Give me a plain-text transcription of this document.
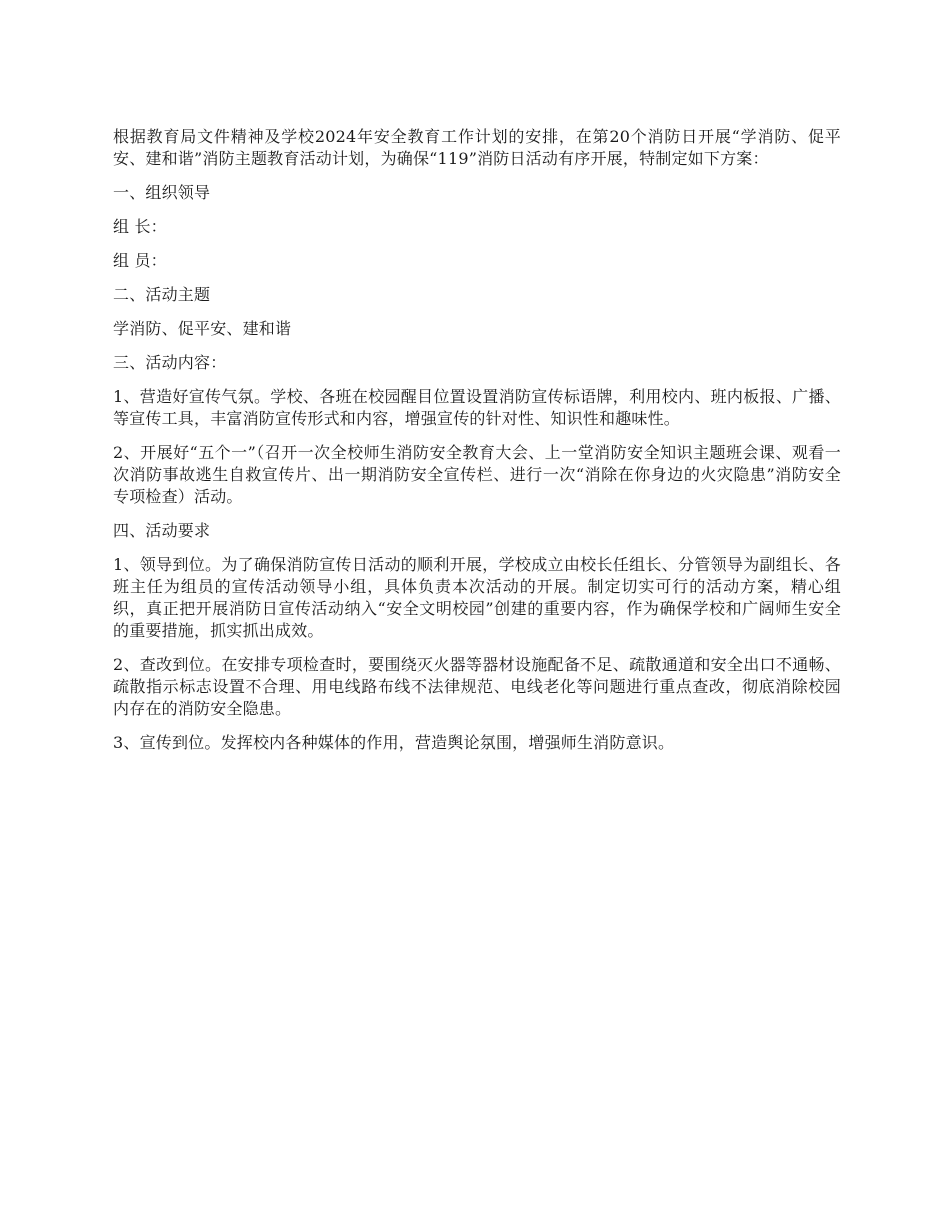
根据教育局文件精神及学校2024年安全教育工作计划的安排，在第20个消防日开展“学消防、促平安、建和谐”消防主题教育活动计划，为确保“119”消防日活动有序开展，特制定如下方案：

一、组织领导

组 长：

组 员：

二、活动主题

学消防、促平安、建和谐

三、活动内容：

1、营造好宣传气氛。学校、各班在校园醒目位置设置消防宣传标语牌，利用校内、班内板报、广播、等宣传工具，丰富消防宣传形式和内容，增强宣传的针对性、知识性和趣味性。

2、开展好“五个一”（召开一次全校师生消防安全教育大会、上一堂消防安全知识主题班会课、观看一次消防事故逃生自救宣传片、出一期消防安全宣传栏、进行一次“消除在你身边的火灾隐患”消防安全专项检查）活动。

四、活动要求

1、领导到位。为了确保消防宣传日活动的顺利开展，学校成立由校长任组长、分管领导为副组长、各班主任为组员的宣传活动领导小组，具体负责本次活动的开展。制定切实可行的活动方案，精心组织，真正把开展消防日宣传活动纳入“安全文明校园”创建的重要内容，作为确保学校和广阔师生安全的重要措施，抓实抓出成效。

2、查改到位。在安排专项检查时，要围绕灭火器等器材设施配备不足、疏散通道和安全出口不通畅、疏散指示标志设置不合理、用电线路布线不法律规范、电线老化等问题进行重点查改，彻底消除校园内存在的消防安全隐患。

3、宣传到位。发挥校内各种媒体的作用，营造舆论氛围，增强师生消防意识。
